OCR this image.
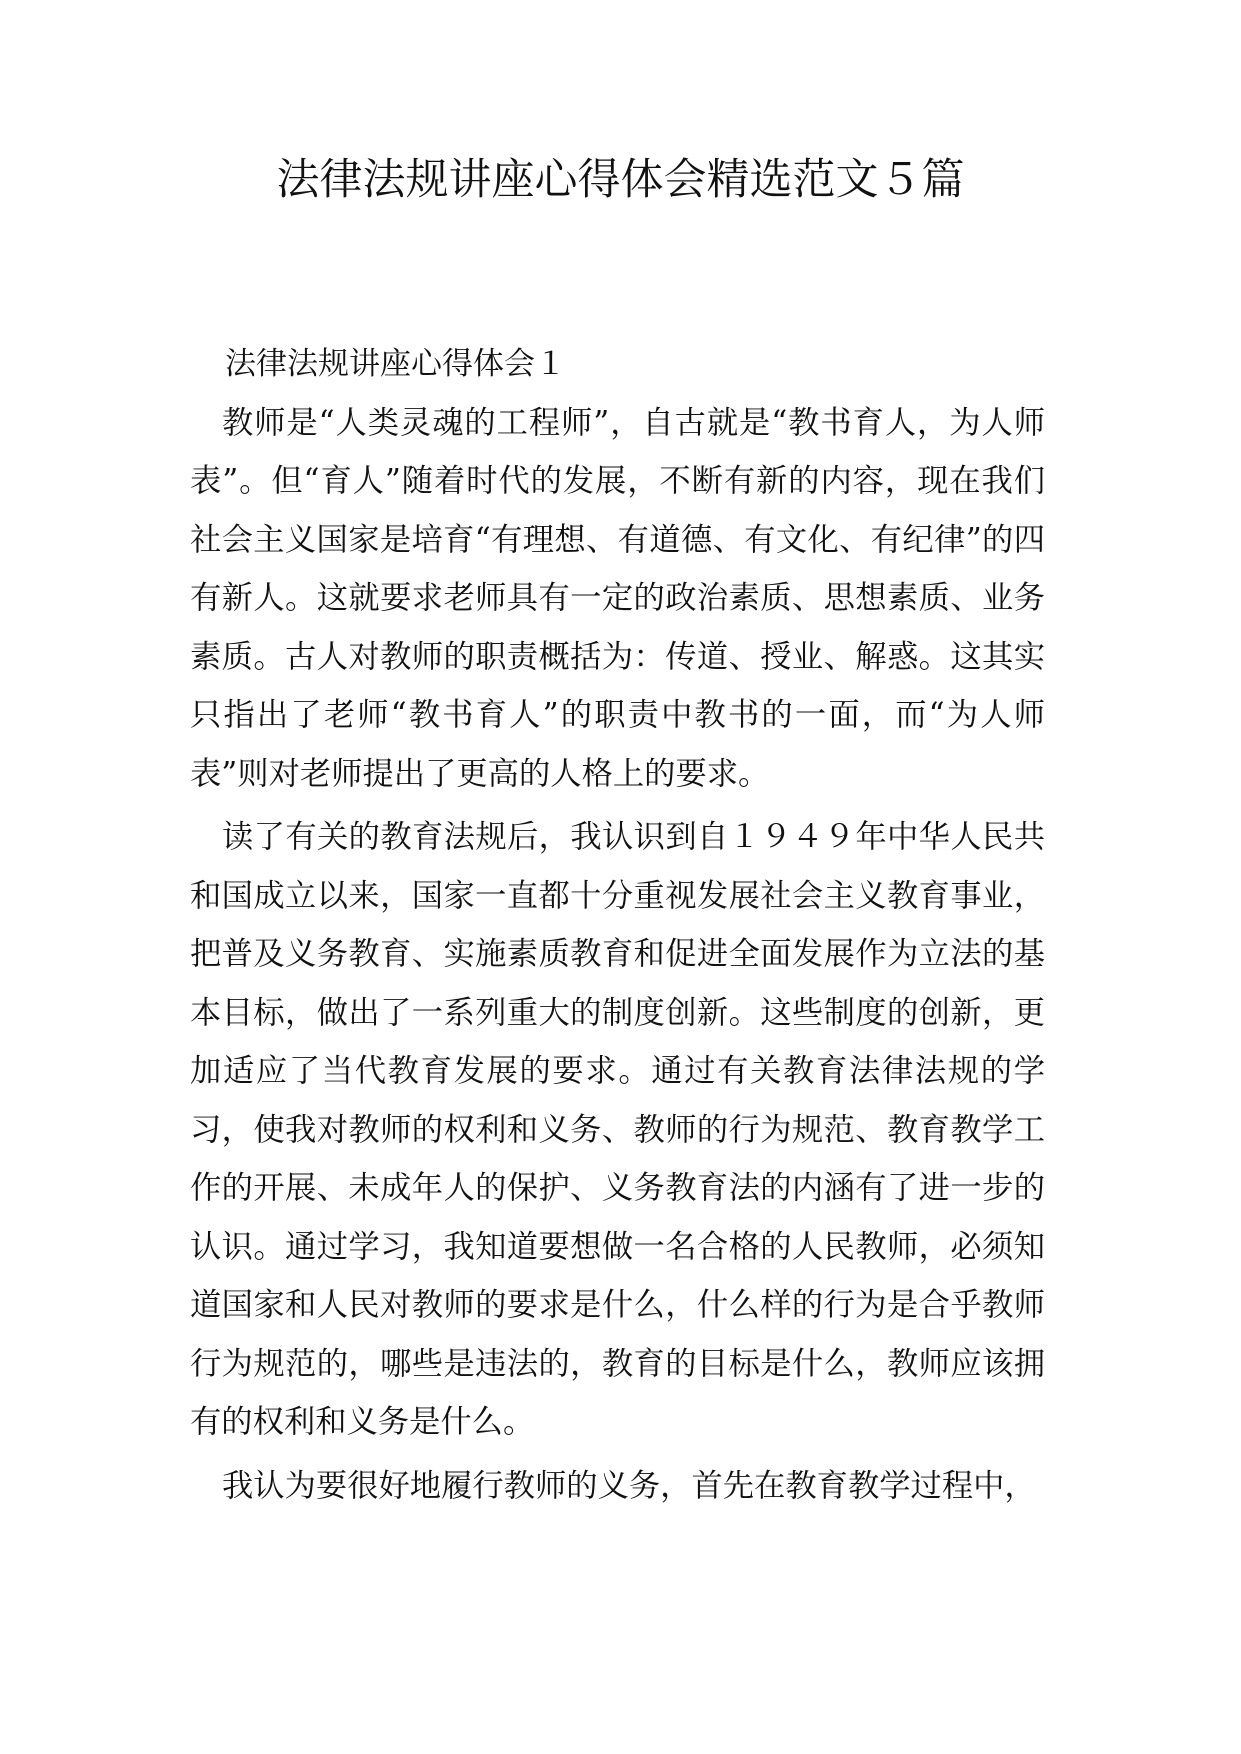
法律法规讲座心得体会精选范文５篇

法律法规讲座心得体会１

教师是“人类灵魂的工程师”，自古就是“教书育人，为人师表”。但“育人”随着时代的发展，不断有新的内容，现在我们社会主义国家是培育“有理想、有道德、有文化、有纪律”的四有新人。这就要求老师具有一定的政治素质、思想素质、业务素质。古人对教师的职责概括为：传道、授业、解惑。这其实只指出了老师“教书育人”的职责中教书的一面，而“为人师表”则对老师提出了更高的人格上的要求。

读了有关的教育法规后，我认识到自１９４９年中华人民共和国成立以来，国家一直都十分重视发展社会主义教育事业，把普及义务教育、实施素质教育和促进全面发展作为立法的基本目标，做出了一系列重大的制度创新。这些制度的创新，更加适应了当代教育发展的要求。通过有关教育法律法规的学习，使我对教师的权利和义务、教师的行为规范、教育教学工作的开展、未成年人的保护、义务教育法的内涵有了进一步的认识。通过学习，我知道要想做一名合格的人民教师，必须知道国家和人民对教师的要求是什么，什么样的行为是合乎教师行为规范的，哪些是违法的，教育的目标是什么，教师应该拥有的权利和义务是什么。

我认为要很好地履行教师的义务，首先在教育教学过程中，
